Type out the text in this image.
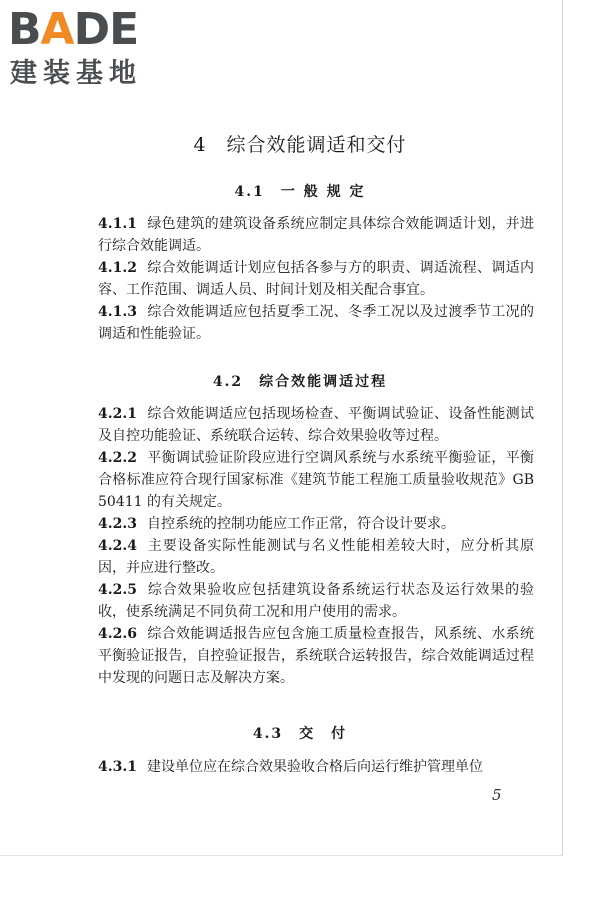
BADE
建装基地
4　综合效能调适和交付
4.1　一 般 规 定

4.1.1 绿色建筑的建筑设备系统应制定具体综合效能调适计划，并进行综合效能调适。

4.1.2 综合效能调适计划应包括各参与方的职责、调适流程、调适内容、工作范围、调适人员、时间计划及相关配合事宜。

4.1.3 综合效能调适应包括夏季工况、冬季工况以及过渡季节工况的调适和性能验证。

4.2　综合效能调适过程

4.2.1 综合效能调适应包括现场检查、平衡调试验证、设备性能测试及自控功能验证、系统联合运转、综合效果验收等过程。

4.2.2 平衡调试验证阶段应进行空调风系统与水系统平衡验证，平衡合格标准应符合现行国家标准《建筑节能工程施工质量验收规范》GB 50411 的有关规定。

4.2.3 自控系统的控制功能应工作正常，符合设计要求。

4.2.4 主要设备实际性能测试与名义性能相差较大时，应分析其原因，并应进行整改。

4.2.5 综合效果验收应包括建筑设备系统运行状态及运行效果的验收，使系统满足不同负荷工况和用户使用的需求。

4.2.6 综合效能调适报告应包含施工质量检查报告，风系统、水系统平衡验证报告，自控验证报告，系统联合运转报告，综合效能调适过程中发现的问题日志及解决方案。

4.3　交　付

4.3.1 建设单位应在综合效果验收合格后向运行维护管理单位

5
